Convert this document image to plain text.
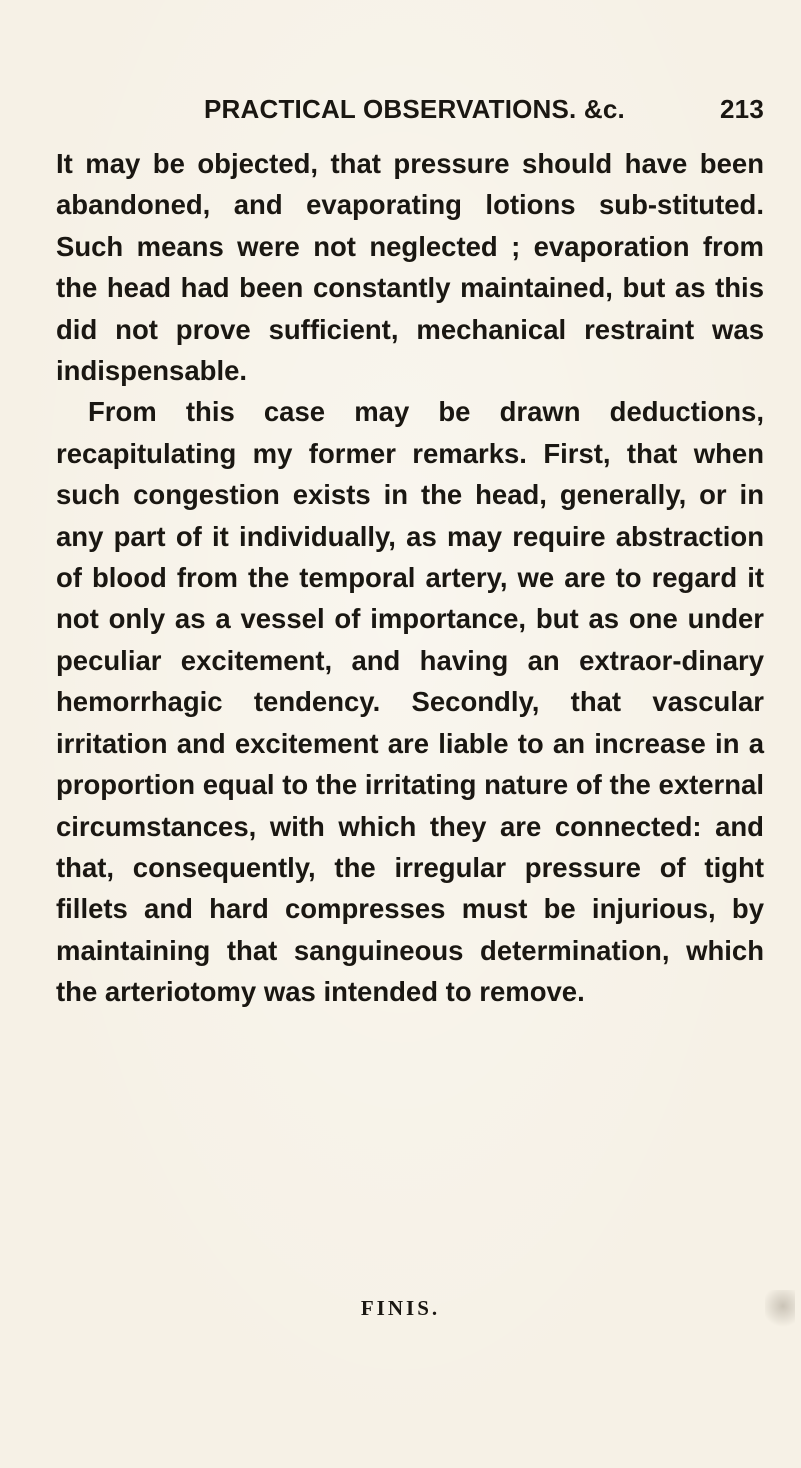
PRACTICAL OBSERVATIONS. &c.	213

It may be objected, that pressure should have been abandoned, and evaporating lotions sub-stituted. Such means were not neglected ; evaporation from the head had been constantly maintained, but as this did not prove sufficient, mechanical restraint was indispensable.

From this case may be drawn deductions, recapitulating my former remarks. First, that when such congestion exists in the head, generally, or in any part of it individually, as may require abstraction of blood from the temporal artery, we are to regard it not only as a vessel of importance, but as one under peculiar excitement, and having an extraor-dinary hemorrhagic tendency. Secondly, that vascular irritation and excitement are liable to an increase in a proportion equal to the irritating nature of the external circumstances, with which they are connected: and that, consequently, the irregular pressure of tight fillets and hard compresses must be injurious, by maintaining that sanguineous determination, which the arteriotomy was intended to remove.

FINIS.
